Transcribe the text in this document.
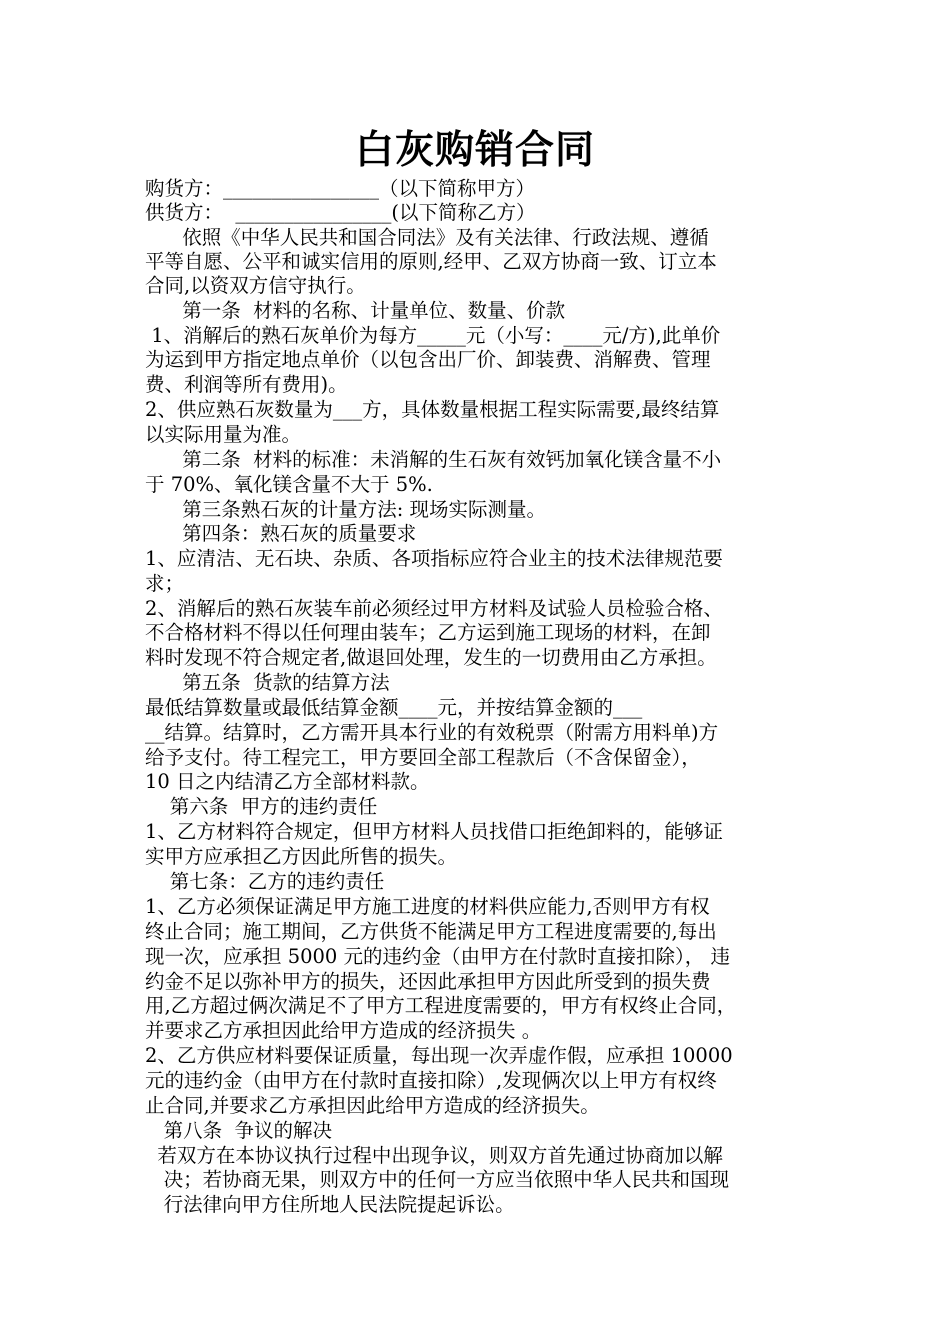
白灰购销合同
购货方：________________（以下简称甲方）
供货方：  ________________(以下简称乙方）
依照《中华人民共和国合同法》及有关法律、行政法规、遵循
平等自愿、公平和诚实信用的原则,经甲、乙双方协商一致、订立本
合同,以资双方信守执行。
第一条  材料的名称、计量单位、数量、价款
1、消解后的熟石灰单价为每方_____元（小写：____元/方),此单价
为运到甲方指定地点单价（以包含出厂价、卸装费、消解费、管理
费、利润等所有费用)。
2、供应熟石灰数量为___方，具体数量根据工程实际需要,最终结算
以实际用量为准。
第二条  材料的标准：未消解的生石灰有效钙加氧化镁含量不小
于 70%、氧化镁含量不大于 5%.
第三条熟石灰的计量方法: 现场实际测量。
第四条：熟石灰的质量要求
1、应清洁、无石块、杂质、各项指标应符合业主的技术法律规范要
求；
2、消解后的熟石灰装车前必须经过甲方材料及试验人员检验合格、
不合格材料不得以任何理由装车；乙方运到施工现场的材料，在卸
料时发现不符合规定者,做退回处理，发生的一切费用由乙方承担。
第五条  货款的结算方法
最低结算数量或最低结算金额____元，并按结算金额的___
__结算。结算时，乙方需开具本行业的有效税票（附需方用料单)方
给予支付。待工程完工，甲方要回全部工程款后（不含保留金），
10 日之内结清乙方全部材料款。
第六条  甲方的违约责任
1、乙方材料符合规定，但甲方材料人员找借口拒绝卸料的，能够证
实甲方应承担乙方因此所售的损失。
第七条：乙方的违约责任
1、乙方必须保证满足甲方施工进度的材料供应能力,否则甲方有权
终止合同；施工期间，乙方供货不能满足甲方工程进度需要的,每出
现一次，应承担 5000 元的违约金（由甲方在付款时直接扣除）， 违
约金不足以弥补甲方的损失，还因此承担甲方因此所受到的损失费
用,乙方超过俩次满足不了甲方工程进度需要的，甲方有权终止合同，
并要求乙方承担因此给甲方造成的经济损失 。
2、乙方供应材料要保证质量，每出现一次弄虚作假，应承担 10000
元的违约金（由甲方在付款时直接扣除）,发现俩次以上甲方有权终
止合同,并要求乙方承担因此给甲方造成的经济损失。
第八条  争议的解决
若双方在本协议执行过程中出现争议，则双方首先通过协商加以解
决；若协商无果，则双方中的任何一方应当依照中华人民共和国现
行法律向甲方住所地人民法院提起诉讼。
